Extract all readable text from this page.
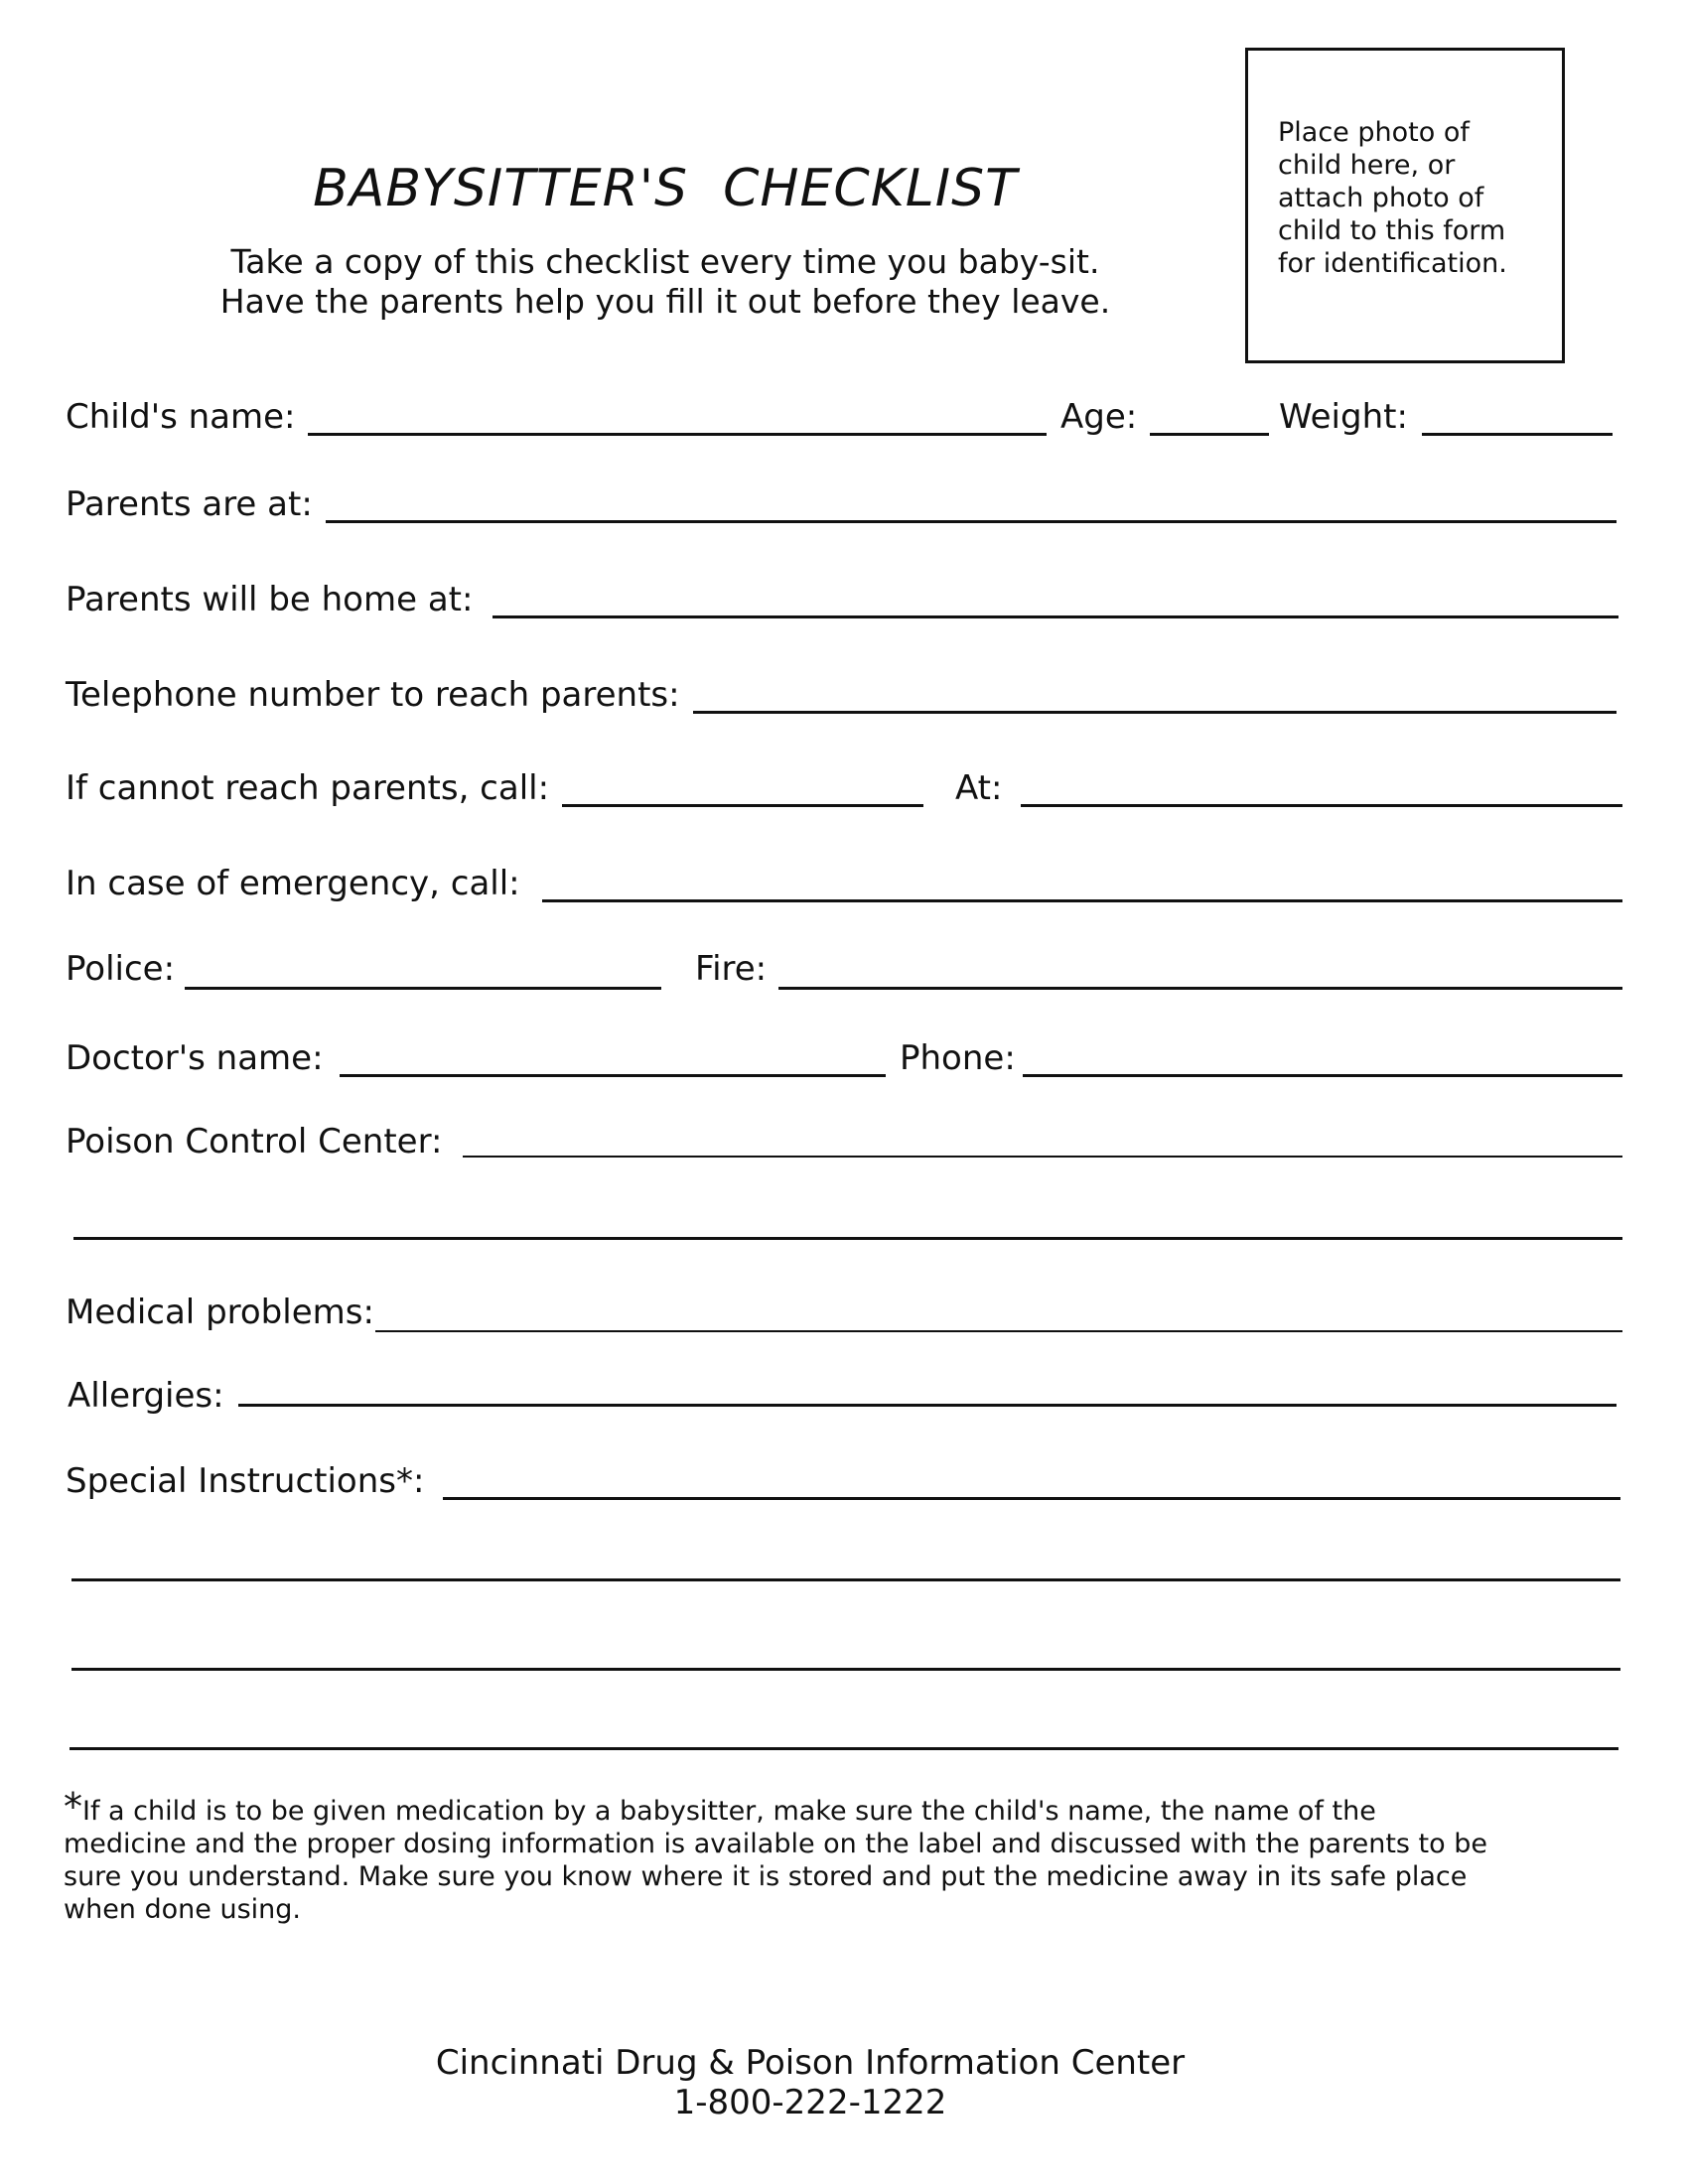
BABYSITTER'S  CHECKLIST
Take a copy of this checklist every time you baby-sit.
Have the parents help you fill it out before they leave.
Place photo of
child here, or
attach photo of
child to this form
for identification.
Child's name:	Age:	Weight:
Parents are at:
Parents will be home at:
Telephone number to reach parents:
If cannot reach parents, call:	At:
In case of emergency, call:
Police:	Fire:
Doctor's name:	Phone:
Poison Control Center:
Medical problems:
Allergies:
Special Instructions*:
*If a child is to be given medication by a babysitter, make sure the child's name, the name of the medicine and the proper dosing information is available on the label and discussed with the parents to be sure you understand. Make sure you know where it is stored and put the medicine away in its safe place when done using.
Cincinnati Drug & Poison Information Center
1-800-222-1222
